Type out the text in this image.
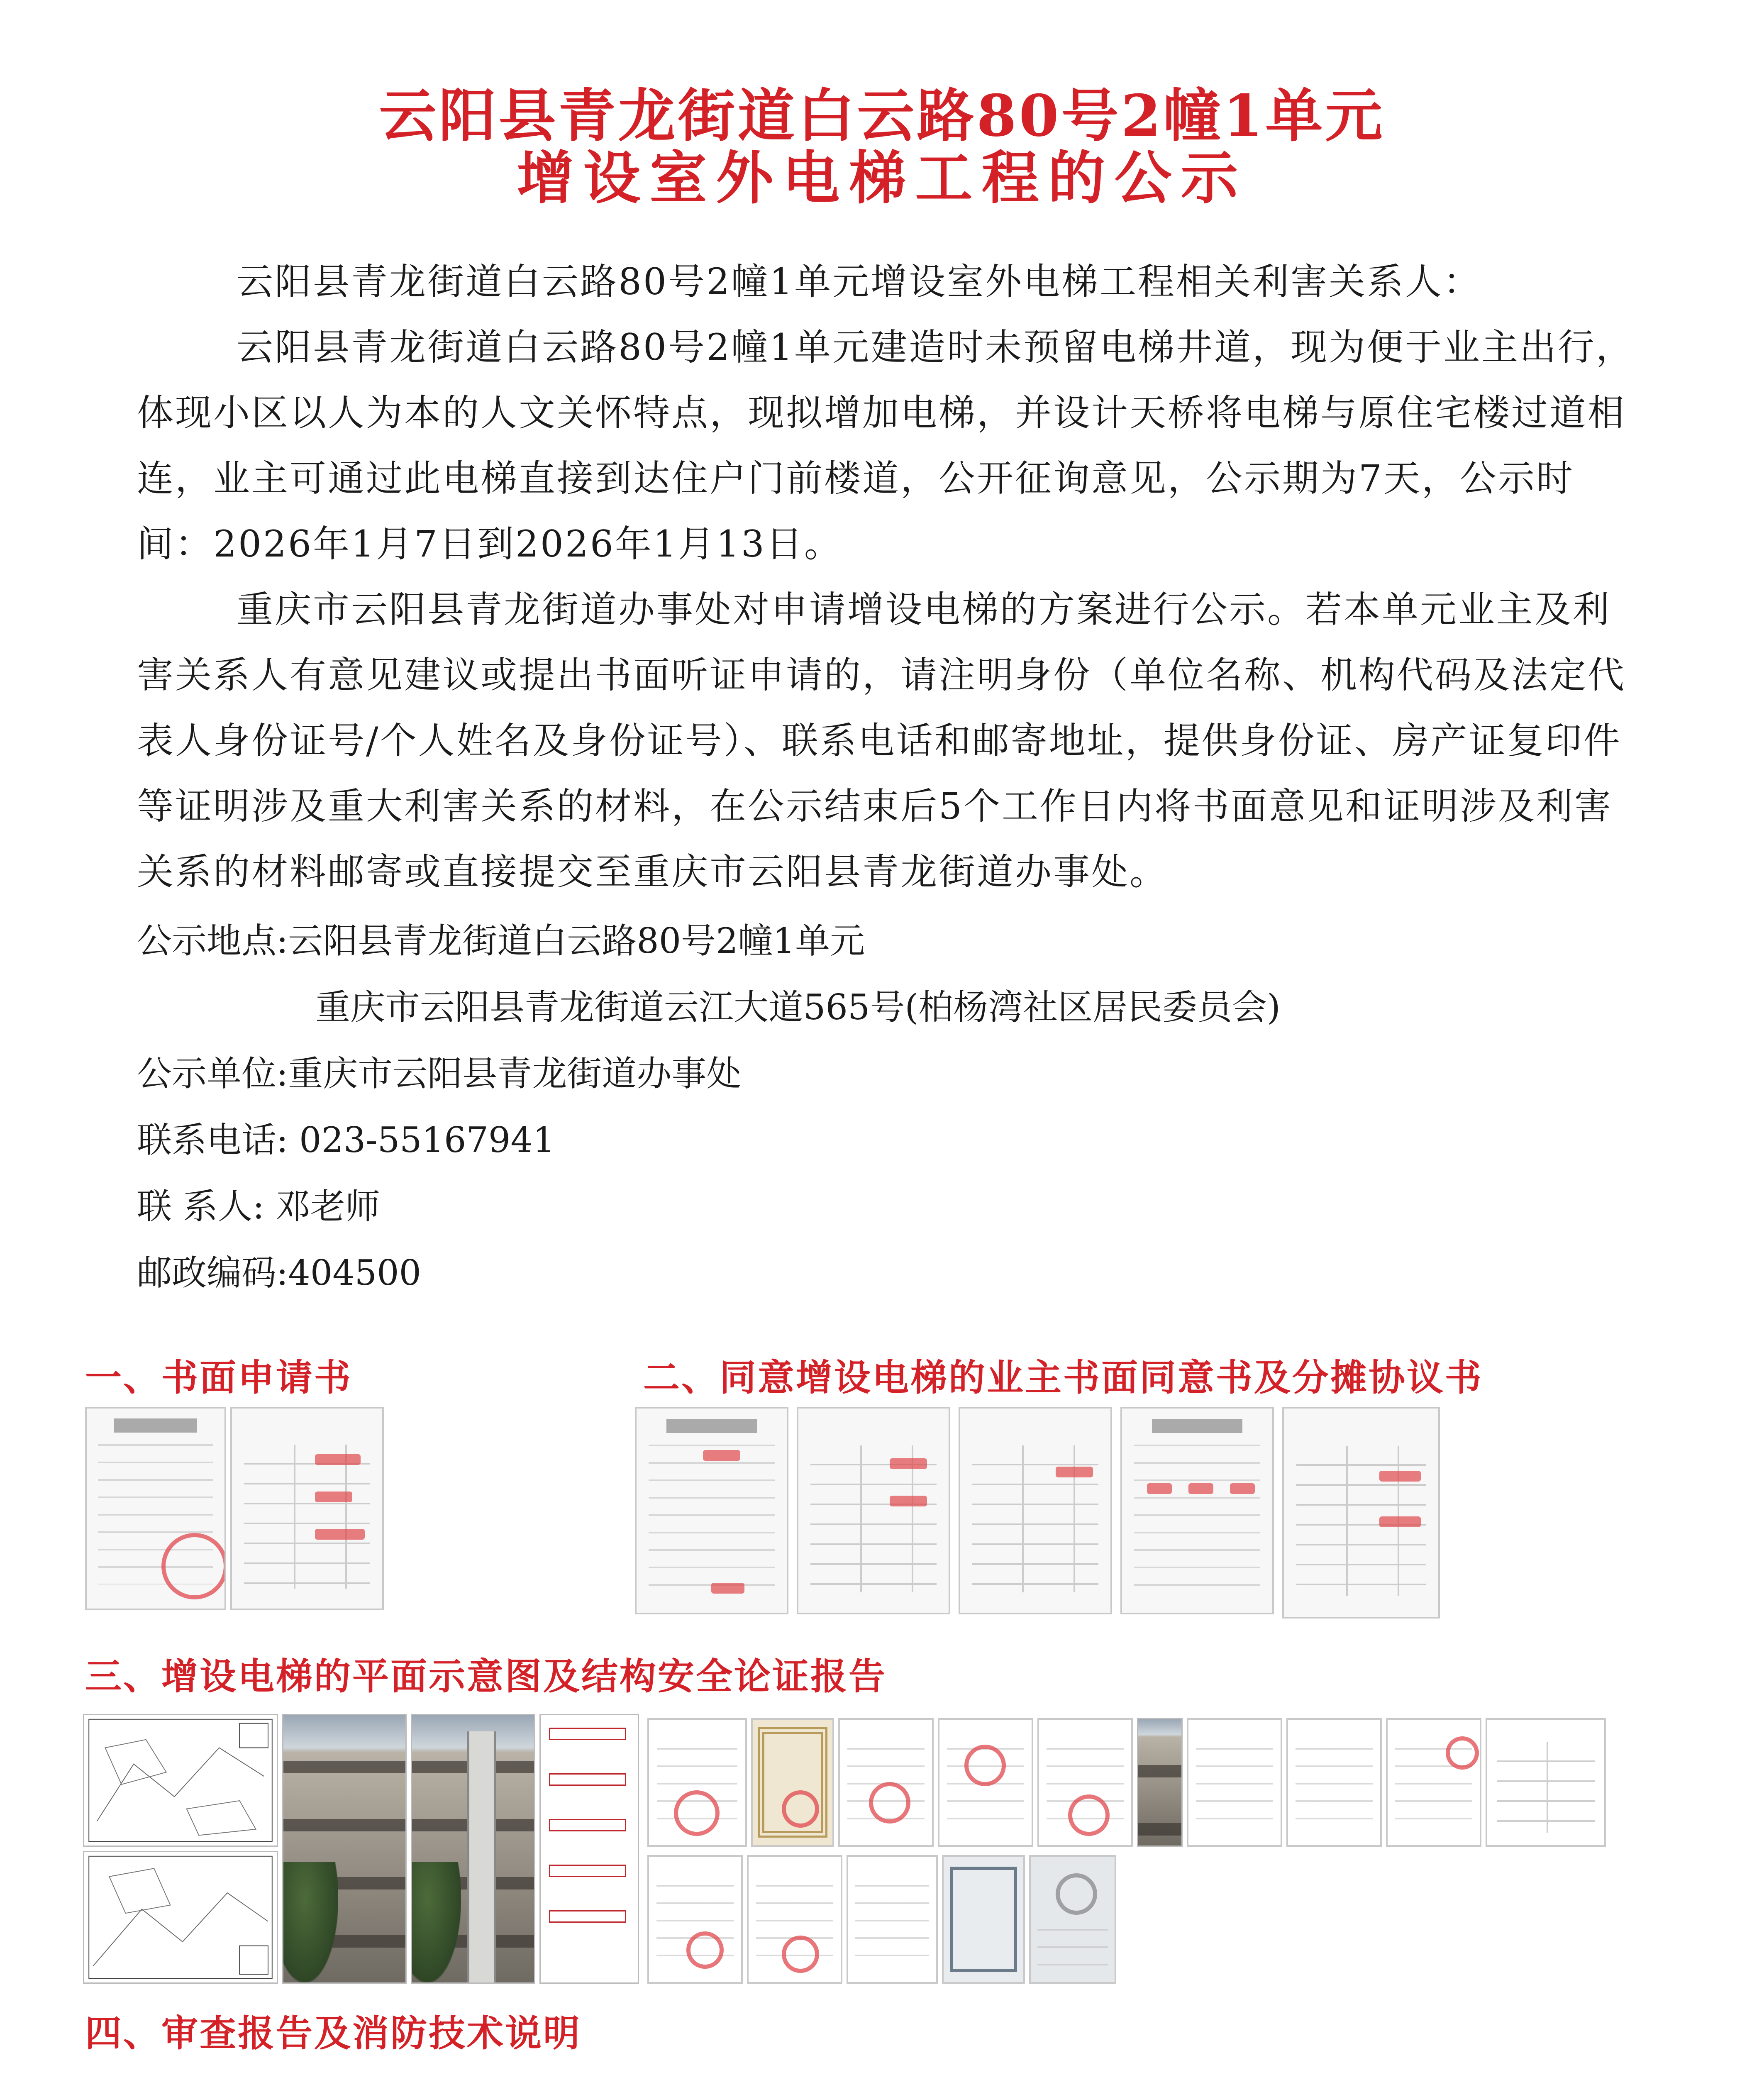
云阳县青龙街道白云路80号2幢1单元
增设室外电梯工程的公示

云阳县青龙街道白云路80号2幢1单元增设室外电梯工程相关利害关系人：

云阳县青龙街道白云路80号2幢1单元建造时未预留电梯井道，现为便于业主出行，体现小区以人为本的人文关怀特点，现拟增加电梯，并设计天桥将电梯与原住宅楼过道相连，业主可通过此电梯直接到达住户门前楼道，公开征询意见，公示期为7天，公示时间：2026年1月7日到2026年1月13日。

重庆市云阳县青龙街道办事处对申请增设电梯的方案进行公示。若本单元业主及利害关系人有意见建议或提出书面听证申请的，请注明身份（单位名称、机构代码及法定代表人身份证号/个人姓名及身份证号）、联系电话和邮寄地址，提供身份证、房产证复印件等证明涉及重大利害关系的材料，在公示结束后5个工作日内将书面意见和证明涉及利害关系的材料邮寄或直接提交至重庆市云阳县青龙街道办事处。

公示地点:云阳县青龙街道白云路80号2幢1单元
重庆市云阳县青龙街道云江大道565号(柏杨湾社区居民委员会)
公示单位:重庆市云阳县青龙街道办事处
联系电话: 023-55167941
联 系人: 邓老师
邮政编码:404500
一、书面申请书	二、同意增设电梯的业主书面同意书及分摊协议书
三、增设电梯的平面示意图及结构安全论证报告
四、审查报告及消防技术说明
